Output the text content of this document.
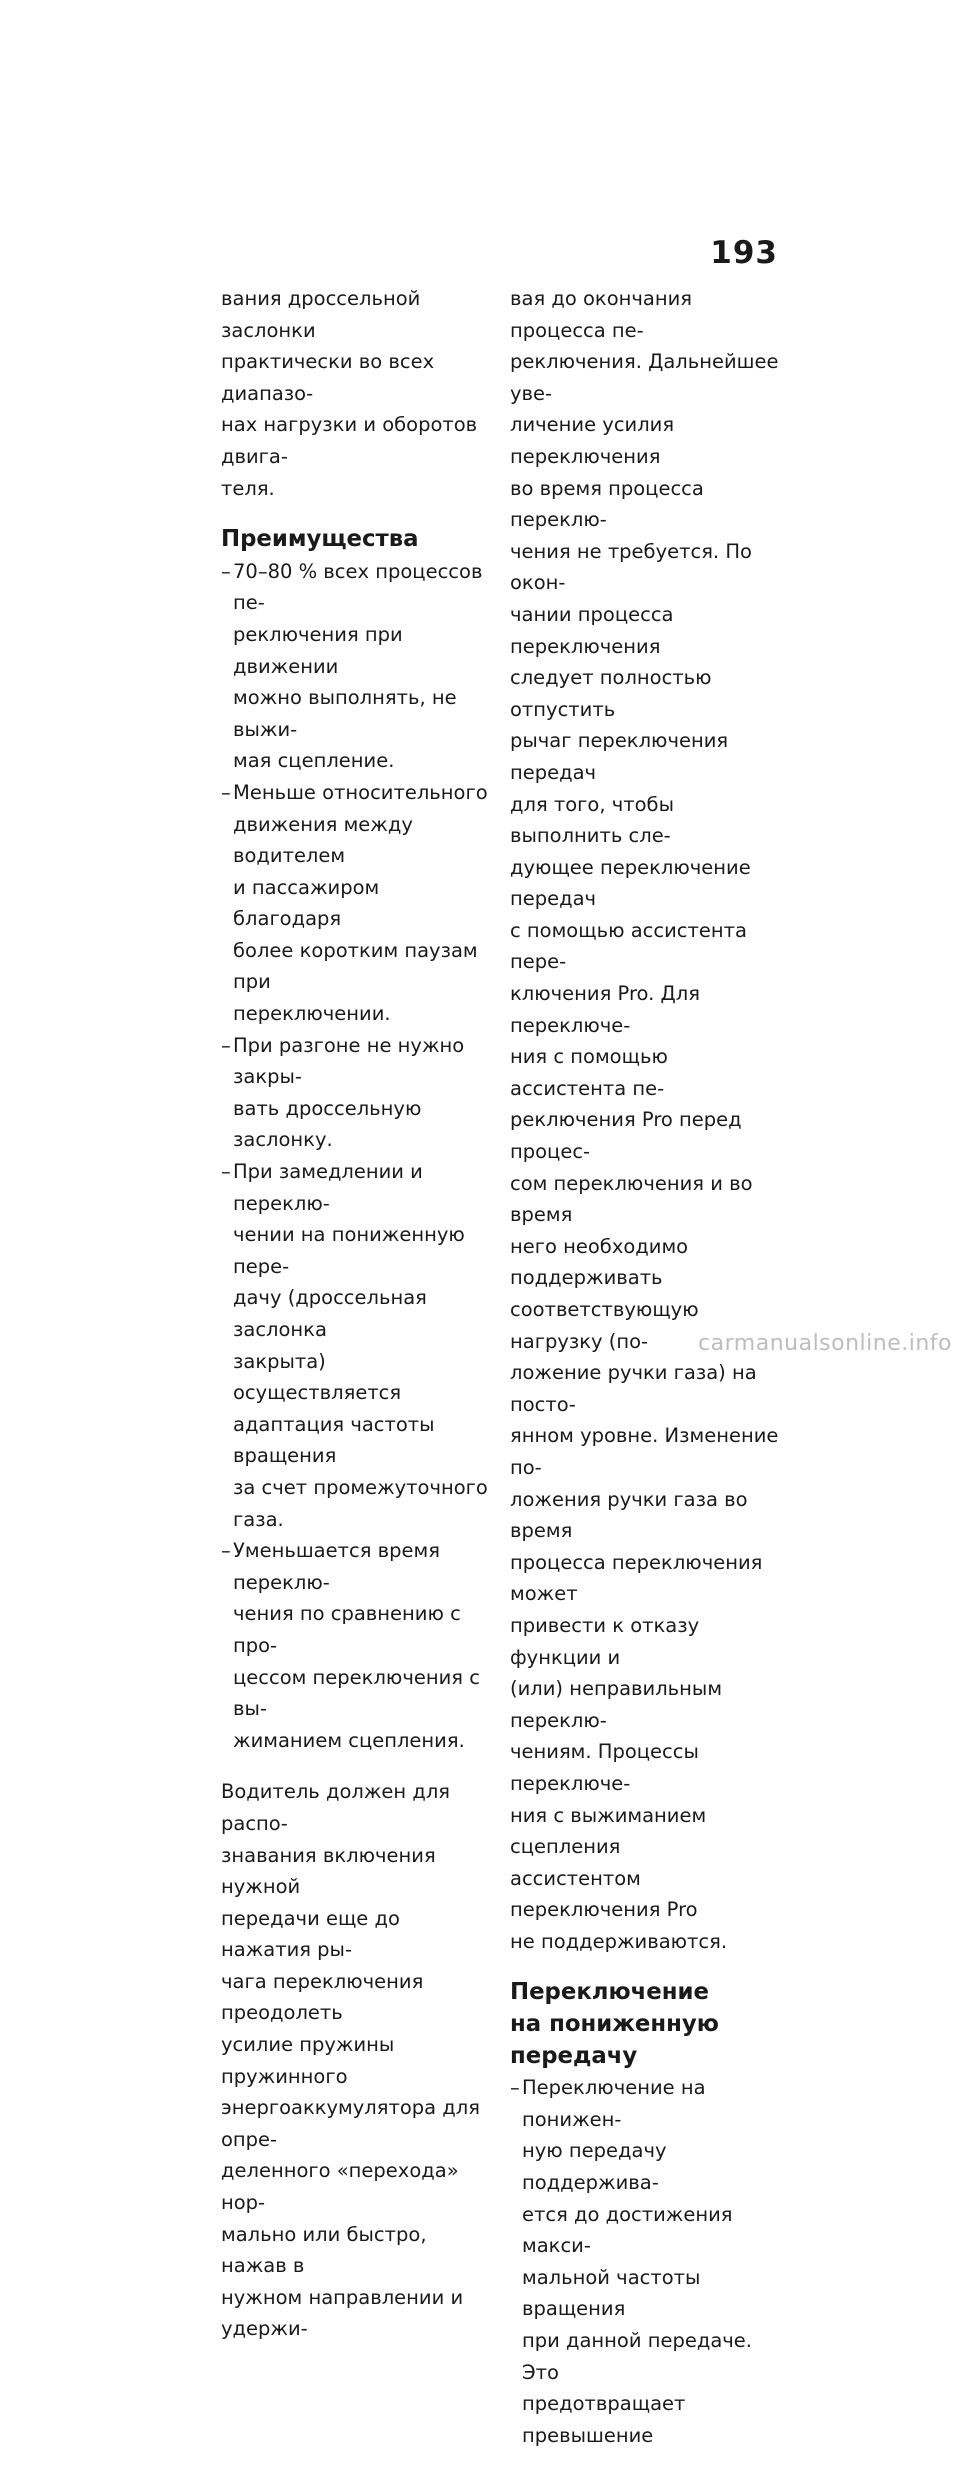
193

вания дроссельной заслонки
практически во всех диапазо-
нах нагрузки и оборотов двига-
теля.

Преимущества
– 70–80 % всех процессов пе-
реключения при движении
можно выполнять, не выжи-
мая сцепление.
– Меньше относительного
движения между водителем
и пассажиром благодаря
более коротким паузам при
переключении.
– При разгоне не нужно закры-
вать дроссельную заслонку.
– При замедлении и переклю-
чении на пониженную пере-
дачу (дроссельная заслонка
закрыта) осуществляется
адаптация частоты вращения
за счет промежуточного газа.
– Уменьшается время переклю-
чения по сравнению с про-
цессом переключения с вы-
жиманием сцепления.

Водитель должен для распо-
знавания включения нужной
передачи еще до нажатия ры-
чага переключения преодолеть
усилие пружины пружинного
энергоаккумулятора для опре-
деленного «перехода» нор-
мально или быстро, нажав в
нужном направлении и удержи-

вая до окончания процесса пе-
реключения. Дальнейшее уве-
личение усилия переключения
во время процесса переклю-
чения не требуется. По окон-
чании процесса переключения
следует полностью отпустить
рычаг переключения передач
для того, чтобы выполнить сле-
дующее переключение передач
с помощью ассистента пере-
ключения Pro. Для переключе-
ния с помощью ассистента пе-
реключения Pro перед процес-
сом переключения и во время
него необходимо поддерживать
соответствующую нагрузку (по-
ложение ручки газа) на посто-
янном уровне. Изменение по-
ложения ручки газа во время
процесса переключения может
привести к отказу функции и
(или) неправильным переклю-
чениям. Процессы переключе-
ния с выжиманием сцепления
ассистентом переключения Pro
не поддерживаются.

Переключение
на пониженную передачу
– Переключение на понижен-
ную передачу поддержива-
ется до достижения макси-
мальной частоты вращения
при данной передаче. Это
предотвращает превышение
carmanualsonline.info
